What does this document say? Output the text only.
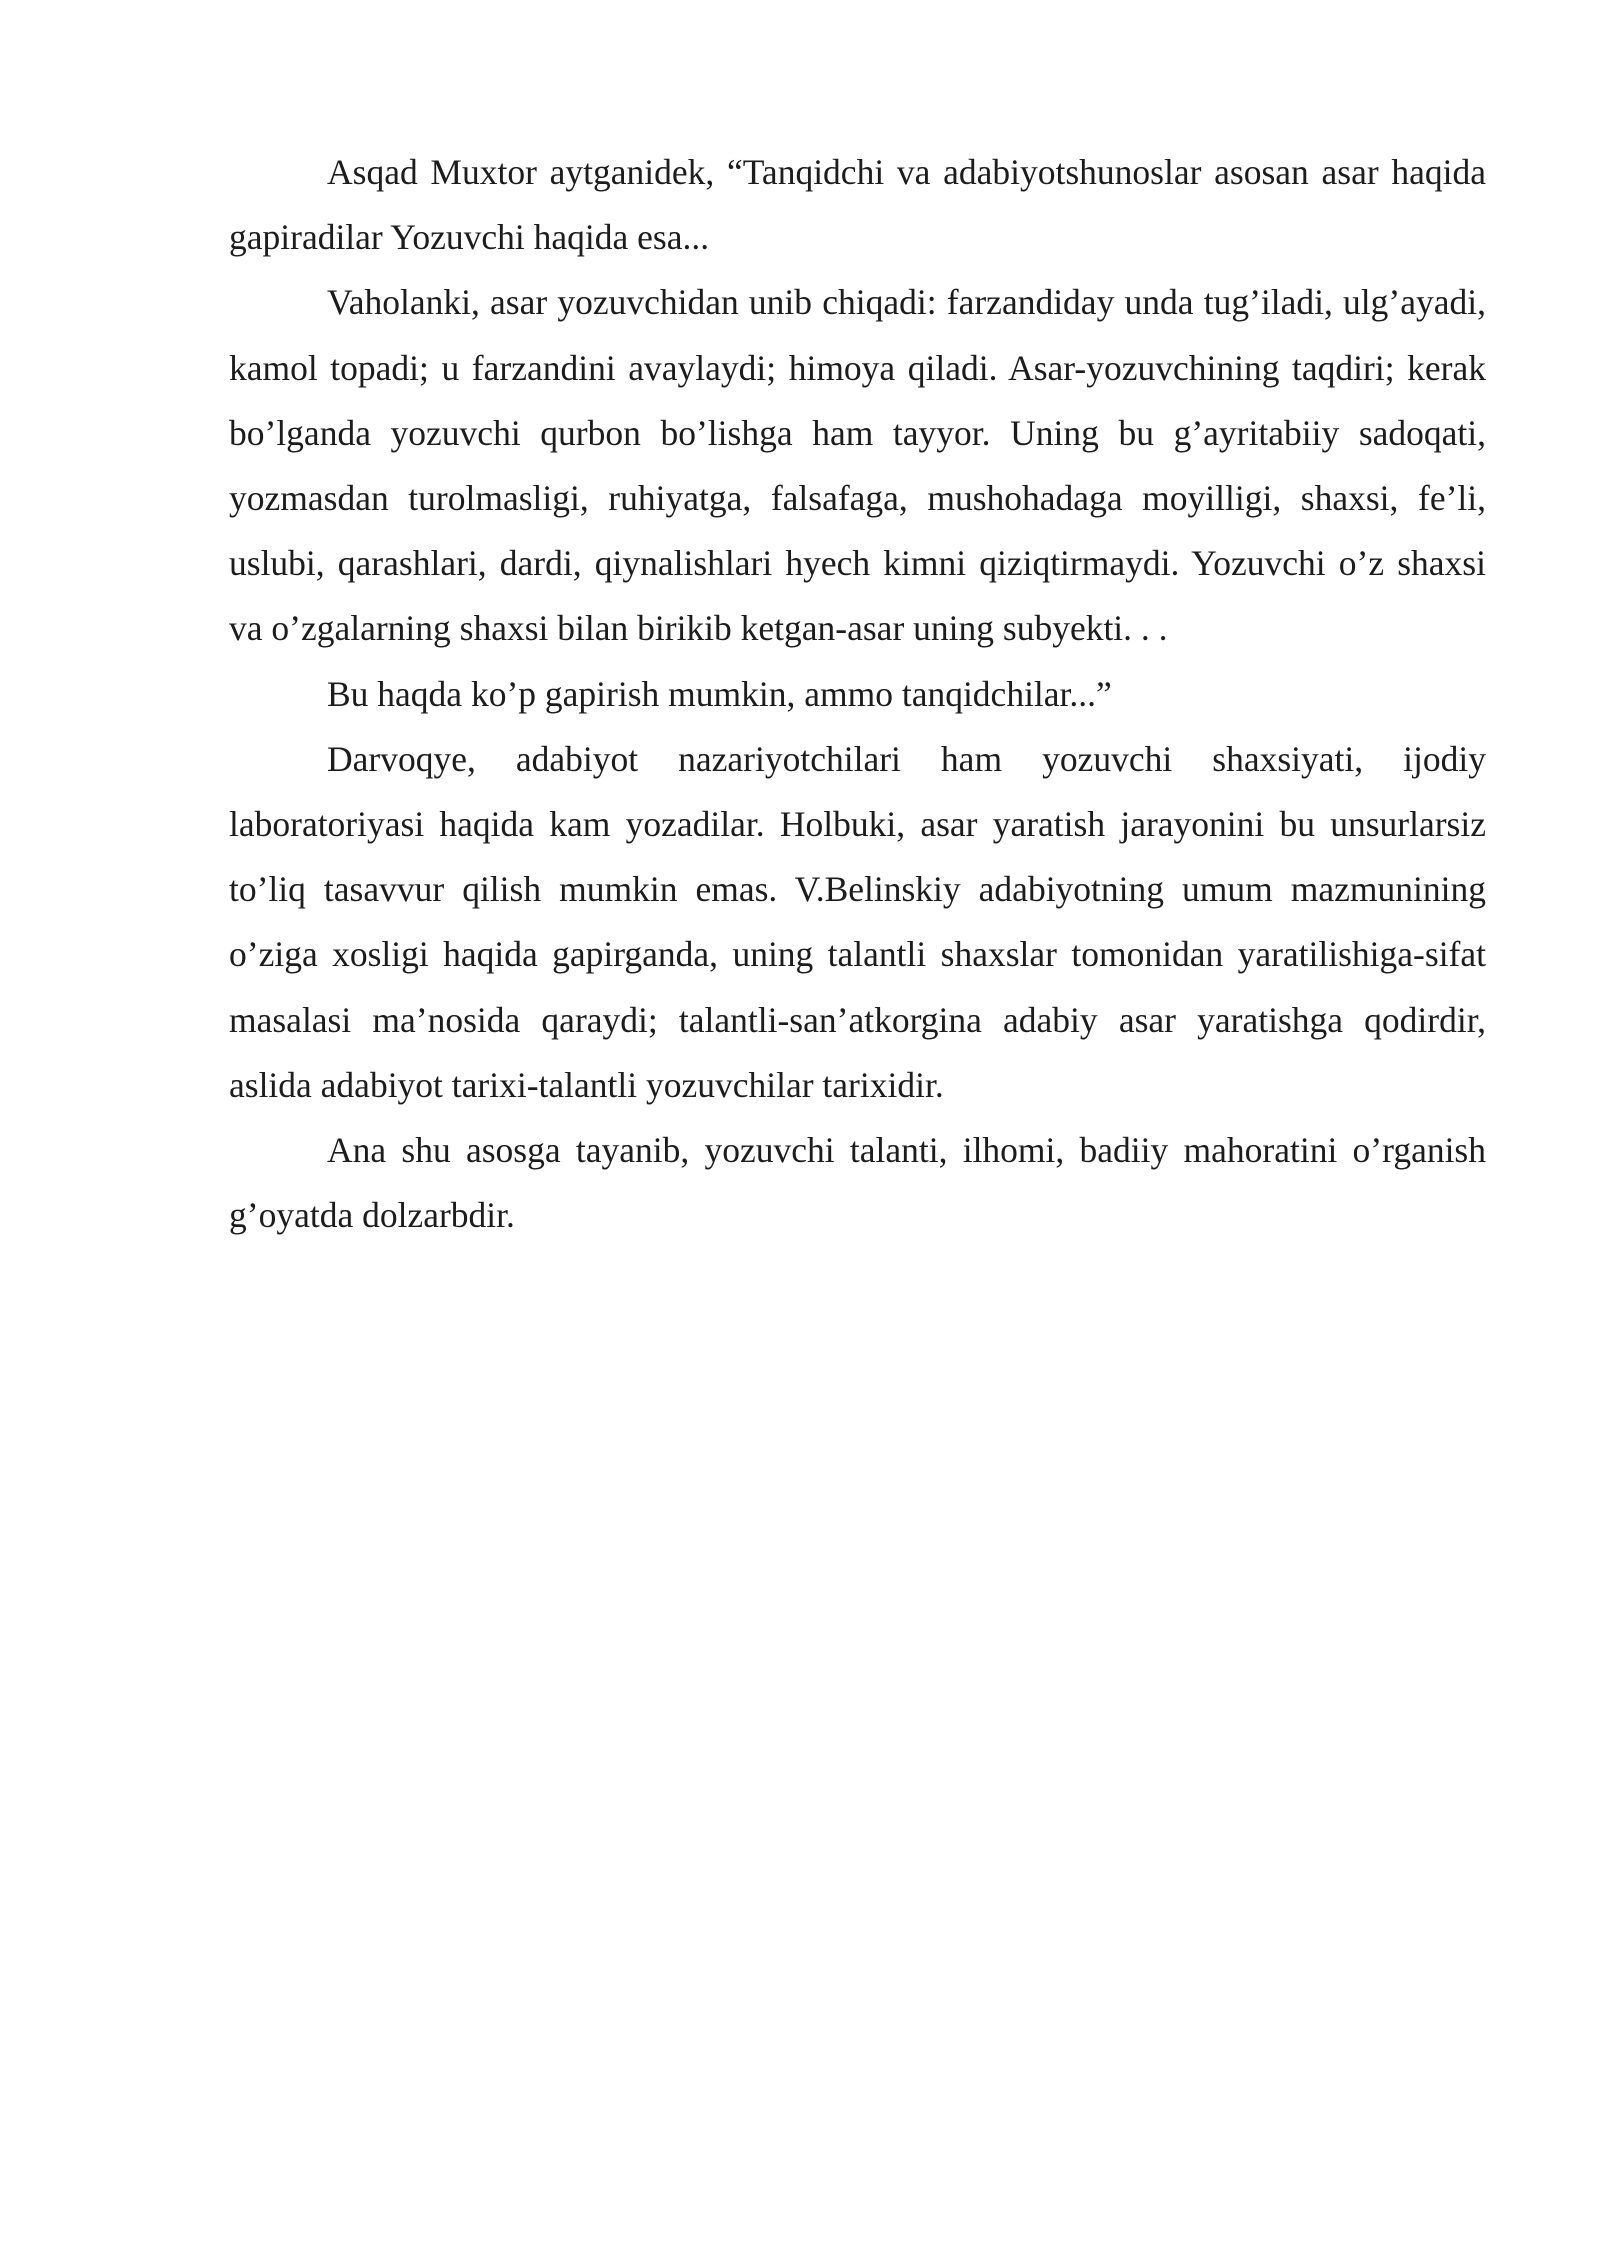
Asqad Muxtor aytganidek, “Tanqidchi va adabiyotshunoslar asosan asar haqida gapiradilar Yozuvchi haqida esa...

Vaholanki, asar yozuvchidan unib chiqadi: farzandiday unda tug’iladi, ulg’ayadi, kamol topadi; u farzandini avaylaydi; himoya qiladi. Asar-yozuvchining taqdiri; kerak bo’lganda yozuvchi qurbon bo’lishga ham tayyor. Uning bu g’ayritabiiy sadoqati, yozmasdan turolmasligi, ruhiyatga, falsafaga, mushohadaga moyilligi, shaxsi, fe’li, uslubi, qarashlari, dardi, qiynalishlari hyech kimni qiziqtirmaydi. Yozuvchi o’z shaxsi va o’zgalarning shaxsi bilan birikib ketgan-asar uning subyekti. . .

Bu haqda ko’p gapirish mumkin, ammo tanqidchilar...”

Darvoqye, adabiyot nazariyotchilari ham yozuvchi shaxsiyati, ijodiy laboratoriyasi haqida kam yozadilar. Holbuki, asar yaratish jarayonini bu unsurlarsiz to’liq tasavvur qilish mumkin emas. V.Belinskiy adabiyotning umum mazmunining o’ziga xosligi haqida gapirganda, uning talantli shaxslar tomonidan yaratilishiga-sifat masalasi ma’nosida qaraydi; talantli-san’atkorgina adabiy asar yaratishga qodirdir, aslida adabiyot tarixi-talantli yozuvchilar tarixidir.

Ana shu asosga tayanib, yozuvchi talanti, ilhomi, badiiy mahoratini o’rganish g’oyatda dolzarbdir.
